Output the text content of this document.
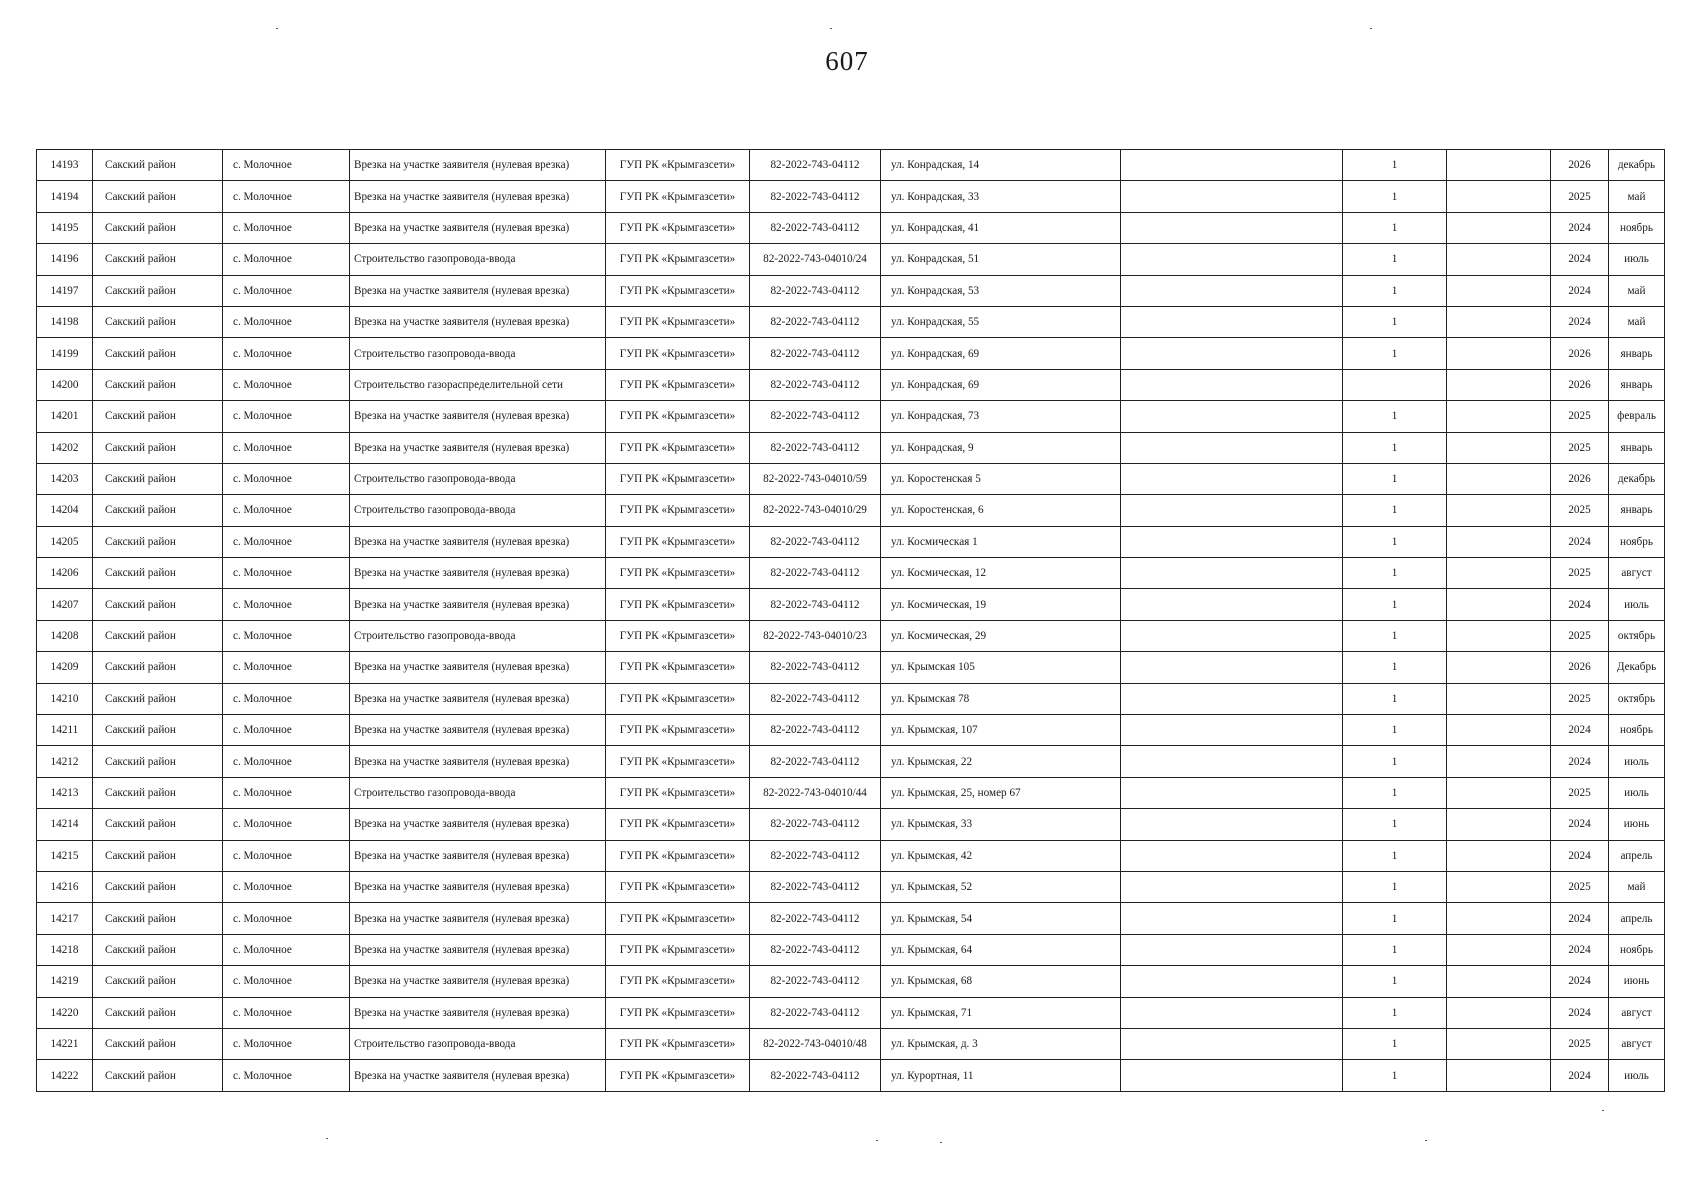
607
14193	Сакский район	с. Молочное	Врезка на участке заявителя (нулевая врезка)	ГУП РК «Крымгазсети»	82-2022-743-04112	ул. Конрадская, 14		1		2026	декабрь
14194	Сакский район	с. Молочное	Врезка на участке заявителя (нулевая врезка)	ГУП РК «Крымгазсети»	82-2022-743-04112	ул. Конрадская, 33		1		2025	май
14195	Сакский район	с. Молочное	Врезка на участке заявителя (нулевая врезка)	ГУП РК «Крымгазсети»	82-2022-743-04112	ул. Конрадская, 41		1		2024	ноябрь
14196	Сакский район	с. Молочное	Строительство газопровода-ввода	ГУП РК «Крымгазсети»	82-2022-743-04010/24	ул. Конрадская, 51		1		2024	июль
14197	Сакский район	с. Молочное	Врезка на участке заявителя (нулевая врезка)	ГУП РК «Крымгазсети»	82-2022-743-04112	ул. Конрадская, 53		1		2024	май
14198	Сакский район	с. Молочное	Врезка на участке заявителя (нулевая врезка)	ГУП РК «Крымгазсети»	82-2022-743-04112	ул. Конрадская, 55		1		2024	май
14199	Сакский район	с. Молочное	Строительство газопровода-ввода	ГУП РК «Крымгазсети»	82-2022-743-04112	ул. Конрадская, 69		1		2026	январь
14200	Сакский район	с. Молочное	Строительство газораспределительной сети	ГУП РК «Крымгазсети»	82-2022-743-04112	ул. Конрадская, 69				2026	январь
14201	Сакский район	с. Молочное	Врезка на участке заявителя (нулевая врезка)	ГУП РК «Крымгазсети»	82-2022-743-04112	ул. Конрадская, 73		1		2025	февраль
14202	Сакский район	с. Молочное	Врезка на участке заявителя (нулевая врезка)	ГУП РК «Крымгазсети»	82-2022-743-04112	ул. Конрадская, 9		1		2025	январь
14203	Сакский район	с. Молочное	Строительство газопровода-ввода	ГУП РК «Крымгазсети»	82-2022-743-04010/59	ул. Коростенская 5		1		2026	декабрь
14204	Сакский район	с. Молочное	Строительство газопровода-ввода	ГУП РК «Крымгазсети»	82-2022-743-04010/29	ул. Коростенская, 6		1		2025	январь
14205	Сакский район	с. Молочное	Врезка на участке заявителя (нулевая врезка)	ГУП РК «Крымгазсети»	82-2022-743-04112	ул. Космическая 1		1		2024	ноябрь
14206	Сакский район	с. Молочное	Врезка на участке заявителя (нулевая врезка)	ГУП РК «Крымгазсети»	82-2022-743-04112	ул. Космическая, 12		1		2025	август
14207	Сакский район	с. Молочное	Врезка на участке заявителя (нулевая врезка)	ГУП РК «Крымгазсети»	82-2022-743-04112	ул. Космическая, 19		1		2024	июль
14208	Сакский район	с. Молочное	Строительство газопровода-ввода	ГУП РК «Крымгазсети»	82-2022-743-04010/23	ул. Космическая, 29		1		2025	октябрь
14209	Сакский район	с. Молочное	Врезка на участке заявителя (нулевая врезка)	ГУП РК «Крымгазсети»	82-2022-743-04112	ул. Крымская 105		1		2026	Декабрь
14210	Сакский район	с. Молочное	Врезка на участке заявителя (нулевая врезка)	ГУП РК «Крымгазсети»	82-2022-743-04112	ул. Крымская 78		1		2025	октябрь
14211	Сакский район	с. Молочное	Врезка на участке заявителя (нулевая врезка)	ГУП РК «Крымгазсети»	82-2022-743-04112	ул. Крымская, 107		1		2024	ноябрь
14212	Сакский район	с. Молочное	Врезка на участке заявителя (нулевая врезка)	ГУП РК «Крымгазсети»	82-2022-743-04112	ул. Крымская, 22		1		2024	июль
14213	Сакский район	с. Молочное	Строительство газопровода-ввода	ГУП РК «Крымгазсети»	82-2022-743-04010/44	ул. Крымская, 25, номер 67		1		2025	июль
14214	Сакский район	с. Молочное	Врезка на участке заявителя (нулевая врезка)	ГУП РК «Крымгазсети»	82-2022-743-04112	ул. Крымская, 33		1		2024	июнь
14215	Сакский район	с. Молочное	Врезка на участке заявителя (нулевая врезка)	ГУП РК «Крымгазсети»	82-2022-743-04112	ул. Крымская, 42		1		2024	апрель
14216	Сакский район	с. Молочное	Врезка на участке заявителя (нулевая врезка)	ГУП РК «Крымгазсети»	82-2022-743-04112	ул. Крымская, 52		1		2025	май
14217	Сакский район	с. Молочное	Врезка на участке заявителя (нулевая врезка)	ГУП РК «Крымгазсети»	82-2022-743-04112	ул. Крымская, 54		1		2024	апрель
14218	Сакский район	с. Молочное	Врезка на участке заявителя (нулевая врезка)	ГУП РК «Крымгазсети»	82-2022-743-04112	ул. Крымская, 64		1		2024	ноябрь
14219	Сакский район	с. Молочное	Врезка на участке заявителя (нулевая врезка)	ГУП РК «Крымгазсети»	82-2022-743-04112	ул. Крымская, 68		1		2024	июнь
14220	Сакский район	с. Молочное	Врезка на участке заявителя (нулевая врезка)	ГУП РК «Крымгазсети»	82-2022-743-04112	ул. Крымская, 71		1		2024	август
14221	Сакский район	с. Молочное	Строительство газопровода-ввода	ГУП РК «Крымгазсети»	82-2022-743-04010/48	ул. Крымская, д. 3		1		2025	август
14222	Сакский район	с. Молочное	Врезка на участке заявителя (нулевая врезка)	ГУП РК «Крымгазсети»	82-2022-743-04112	ул. Курортная, 11		1		2024	июль
